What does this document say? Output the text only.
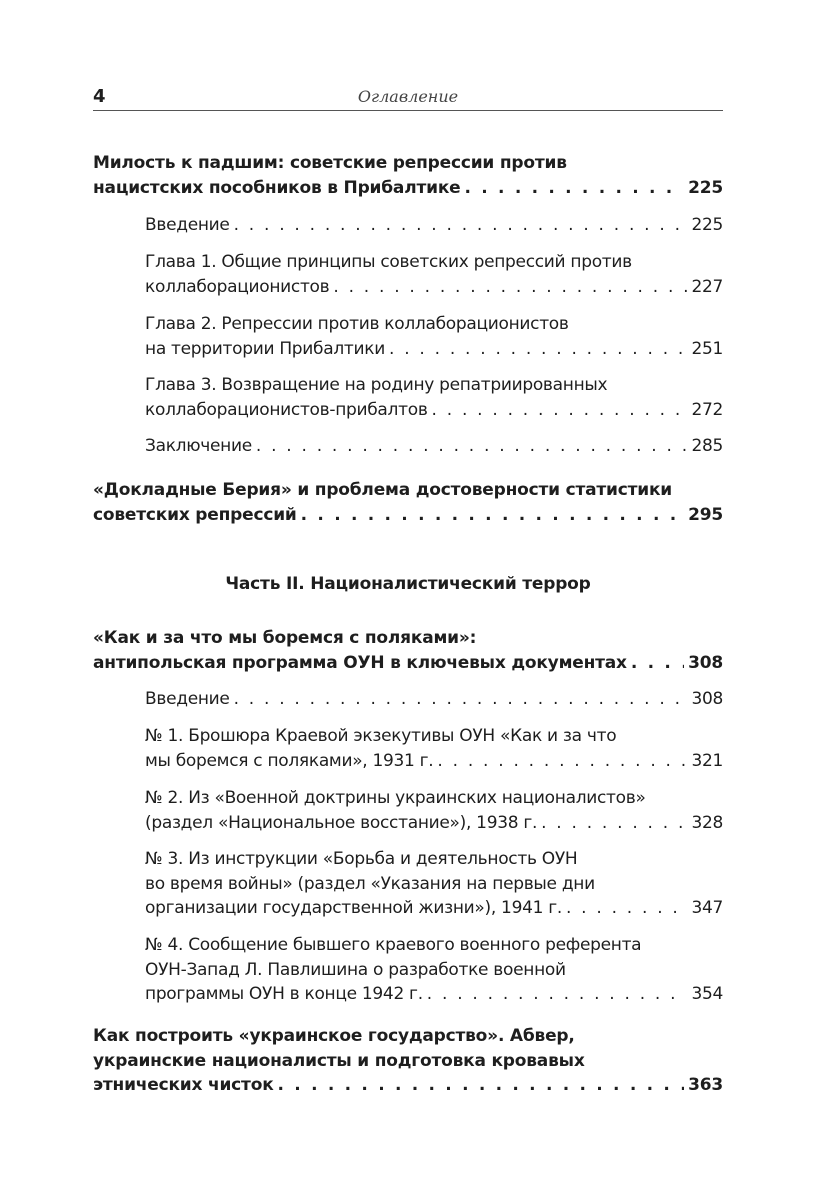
4	Оглавление
Милость к падшим: советские репрессии против
нацистских пособников в Прибалтике . . .	225
Введение . . .	225
Глава 1. Общие принципы советских репрессий против
коллаборационистов . . .	227
Глава 2. Репрессии против коллаборационистов
на территории Прибалтики . . .	251
Глава 3. Возвращение на родину репатриированных
коллаборационистов-прибалтов . . .	272
Заключение . . .	285
«Докладные Берия» и проблема достоверности статистики
советских репрессий . . .	295
Часть II. Националистический террор
«Как и за что мы боремся с поляками»:
антипольская программа ОУН в ключевых документах . . .	308
Введение . . .	308
№ 1. Брошюра Краевой экзекутивы ОУН «Как и за что
мы боремся с поляками», 1931 г. . . .	321
№ 2. Из «Военной доктрины украинских националистов»
(раздел «Национальное восстание»), 1938 г. . . .	328
№ 3. Из инструкции «Борьба и деятельность ОУН
во время войны» (раздел «Указания на первые дни
организации государственной жизни»), 1941 г. . . .	347
№ 4. Сообщение бывшего краевого военного референта
ОУН-Запад Л. Павлишина о разработке военной
программы ОУН в конце 1942 г. . . .	354
Как построить «украинское государство». Абвер,
украинские националисты и подготовка кровавых
этнических чисток . . .	363
